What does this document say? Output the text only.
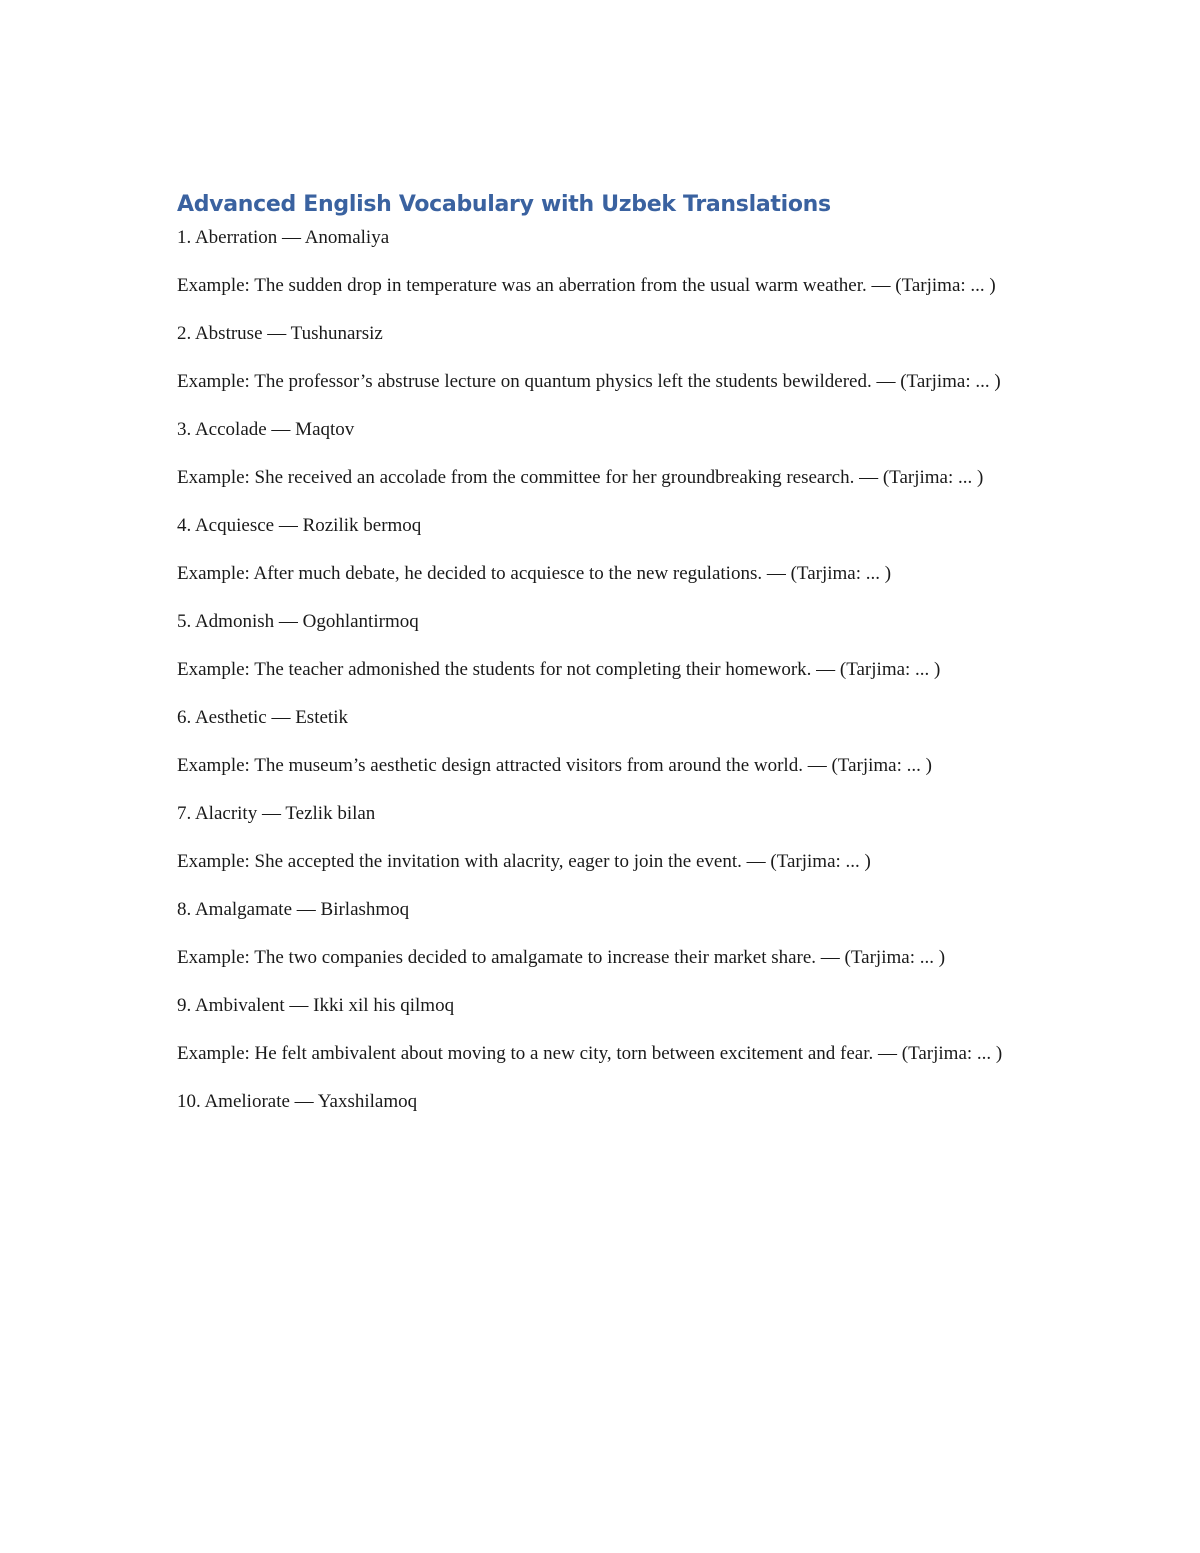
Advanced English Vocabulary with Uzbek Translations

1. Aberration — Anomaliya

Example: The sudden drop in temperature was an aberration from the usual warm weather. — (Tarjima: ... )

2. Abstruse — Tushunarsiz

Example: The professor’s abstruse lecture on quantum physics left the students bewildered. — (Tarjima: ... )

3. Accolade — Maqtov

Example: She received an accolade from the committee for her groundbreaking research. — (Tarjima: ... )

4. Acquiesce — Rozilik bermoq

Example: After much debate, he decided to acquiesce to the new regulations. — (Tarjima: ... )

5. Admonish — Ogohlantirmoq

Example: The teacher admonished the students for not completing their homework. — (Tarjima: ... )

6. Aesthetic — Estetik

Example: The museum’s aesthetic design attracted visitors from around the world. — (Tarjima: ... )

7. Alacrity — Tezlik bilan

Example: She accepted the invitation with alacrity, eager to join the event. — (Tarjima: ... )

8. Amalgamate — Birlashmoq

Example: The two companies decided to amalgamate to increase their market share. — (Tarjima: ... )

9. Ambivalent — Ikki xil his qilmoq

Example: He felt ambivalent about moving to a new city, torn between excitement and fear. — (Tarjima: ... )

10. Ameliorate — Yaxshilamoq
